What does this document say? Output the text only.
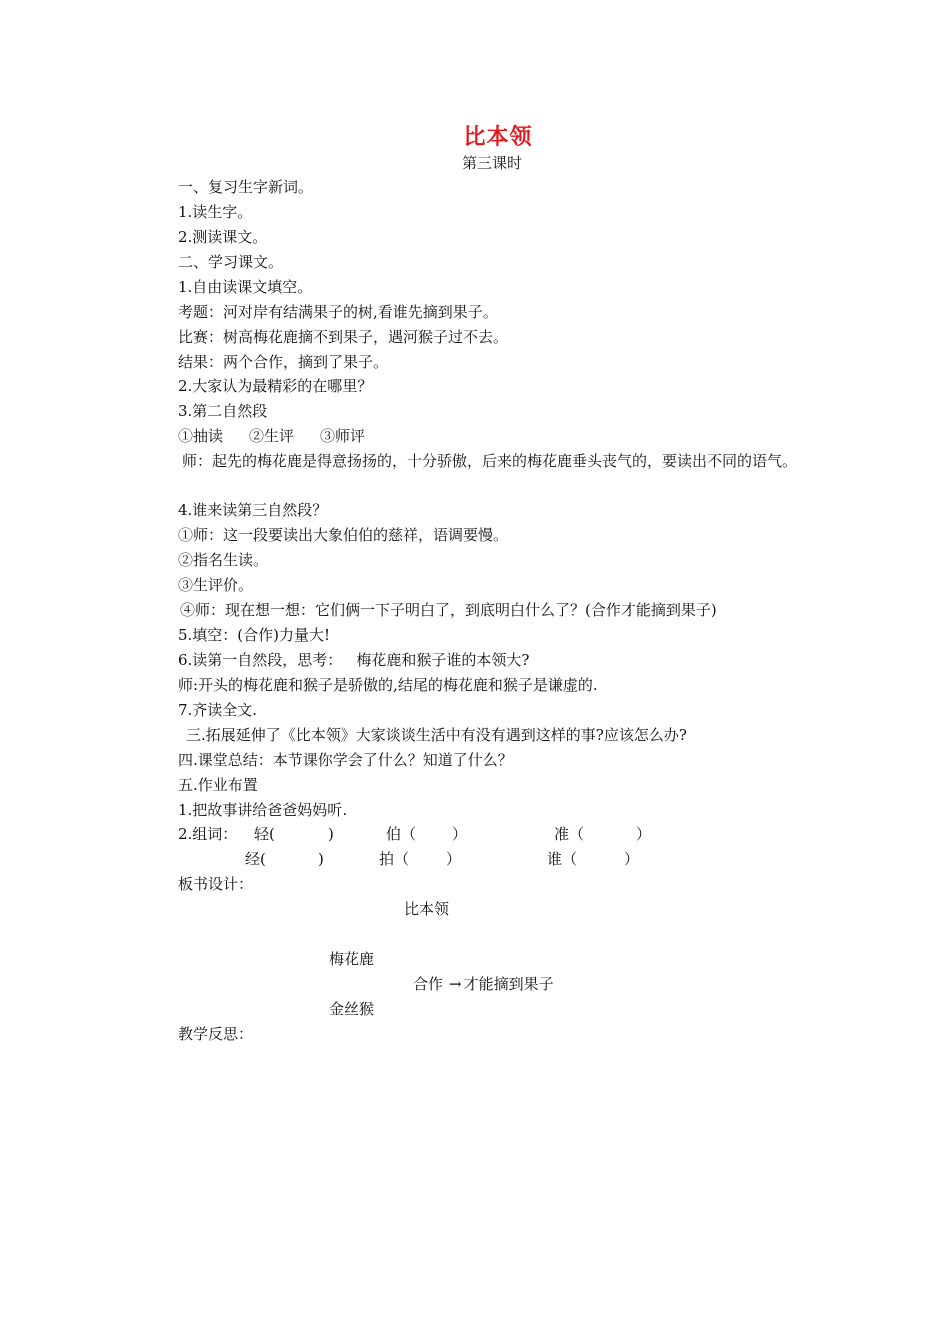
比本领
第三课时
一、复习生字新词。
1.读生字。
2.测读课文。
二、学习课文。
1.自由读课文填空。
考题：河对岸有结满果子的树,看谁先摘到果子。
比赛：树高梅花鹿摘不到果子，遇河猴子过不去。
结果：两个合作，摘到了果子。
2.大家认为最精彩的在哪里？
3.第二自然段
①抽读 ②生评 ③师评
师：起先的梅花鹿是得意扬扬的，十分骄傲，后来的梅花鹿垂头丧气的，要读出不同的语气。
4.谁来读第三自然段？
①师：这一段要读出大象伯伯的慈祥，语调要慢。
②指名生读。
③生评价。
④师：现在想一想：它们俩一下子明白了，到底明白什么了？(合作才能摘到果子)
5.填空：(合作)力量大!
6.读第一自然段，思考： 梅花鹿和猴子谁的本领大?
师:开头的梅花鹿和猴子是骄傲的,结尾的梅花鹿和猴子是谦虚的.
7.齐读全文.
三.拓展延伸了《比本领》大家谈谈生活中有没有遇到这样的事?应该怎么办?
四.课堂总结：本节课你学会了什么？知道了什么？
五.作业布置
1.把故事讲给爸爸妈妈听.
2.组词： 轻(	)	伯（ ）	准（	）
经(	)	拍（ ）	谁（	）
板书设计：
比本领
梅花鹿
合作 → 才能摘到果子
金丝猴
教学反思：
